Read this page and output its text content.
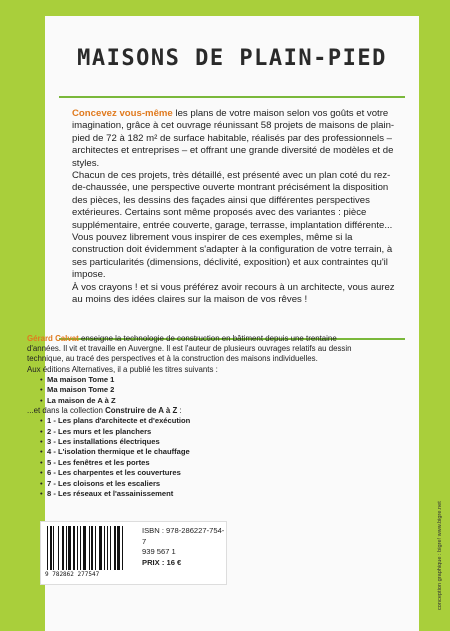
MAISONS DE PLAIN-PIED

Concevez vous-même les plans de votre maison selon vos goûts et votre imagination, grâce à cet ouvrage réunissant 58 projets de maisons de plain-pied de 72 à 182 m² de surface habitable, réalisés par des professionnels – architectes et entreprises – et offrant une grande diversité de modèles et de styles.

Chacun de ces projets, très détaillé, est présenté avec un plan coté du rez-de-chaussée, une perspective ouverte montrant précisément la disposition des pièces, les dessins des façades ainsi que différentes perspectives extérieures. Certains sont même proposés avec des variantes : pièce supplémentaire, entrée couverte, garage, terrasse, implantation différente...

Vous pouvez librement vous inspirer de ces exemples, même si la construction doit évidemment s'adapter à la configuration de votre terrain, à ses particularités (dimensions, déclivité, exposition) et aux contraintes qu'il impose.

À vos crayons ! et si vous préférez avoir recours à un architecte, vous aurez au moins des idées claires sur la maison de vos rêves !

Gérard Calvat enseigne la technologie de construction en bâtiment depuis une trentaine d'années. Il vit et travaille en Auvergne. Il est l'auteur de plusieurs ouvrages relatifs au dessin technique, au tracé des perspectives et à la construction des maisons individuelles.

Aux éditions Alternatives, il a publié les titres suivants :

• Ma maison Tome 1
• Ma maison Tome 2
• La maison de A à Z

...et dans la collection Construire de A à Z :

• 1 - Les plans d'architecte et d'exécution
• 2 - Les murs et les planchers
• 3 - Les installations électriques
• 4 - L'isolation thermique et le chauffage
• 5 - Les fenêtres et les portes
• 6 - Les charpentes et les couvertures
• 7 - Les cloisons et les escaliers
• 8 - Les réseaux et l'assainissement
9 782862 277547
ISBN : 978-286227-754-7
939 567 1
PRIX : 16 €	conception graphique : bigre! www.bigre.net
